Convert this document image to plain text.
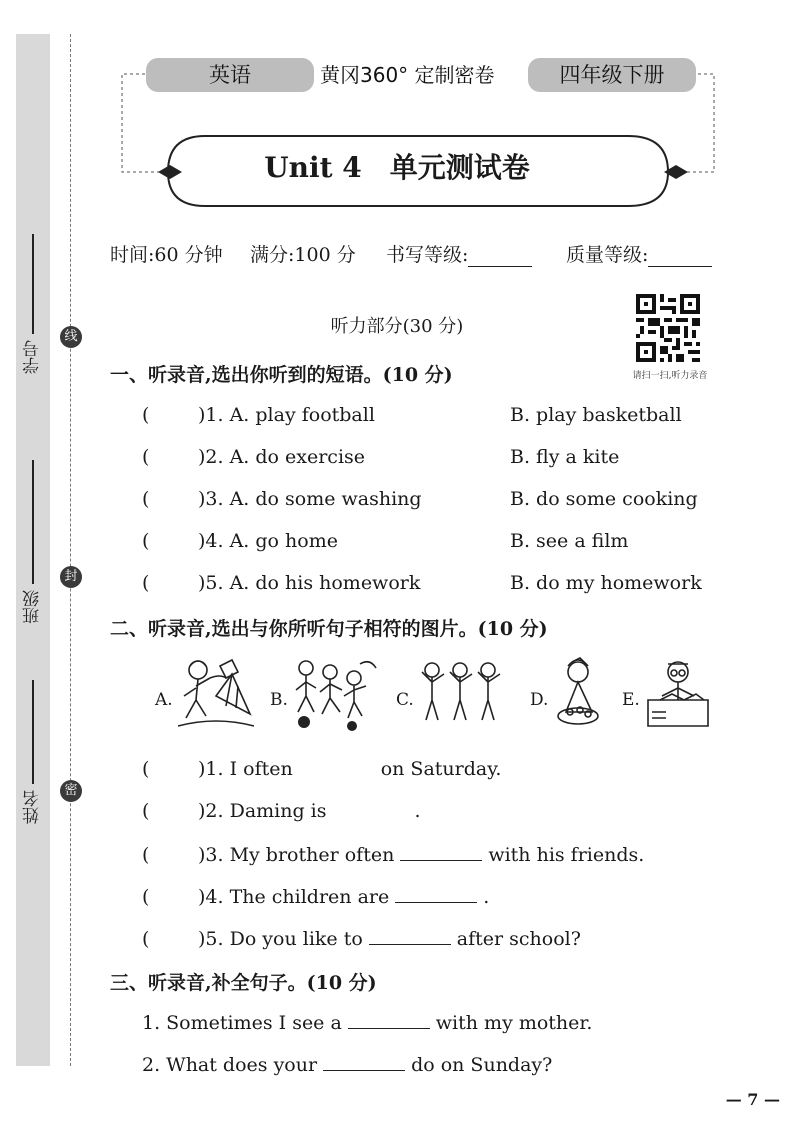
学号
班级
姓名
线
封
密
英语	黄冈360° 定制密卷	四年级下册
Unit 4　单元测试卷
时间:60 分钟 满分:100 分 书写等级:	质量等级:
听力部分(30 分)
请扫一扫,听力录音
一、听录音,选出你听到的短语。(10 分)
(	)1. A. play football	B. play basketball
(	)2. A. do exercise	B. fly a kite
(	)3. A. do some washing	B. do some cooking
(	)4. A. go home	B. see a film
(	)5. A. do his homework	B. do my homework
二、听录音,选出与你所听句子相符的图片。(10 分)
A.	B.	C.	D.	E.
(	)1. I often	on Saturday.
(	)2. Daming is	.
(	)3. My brother often	with his friends.
(	)4. The children are	.
(	)5. Do you like to	after school?
三、听录音,补全句子。(10 分)
1. Sometimes I see a	with my mother.
2. What does your	do on Sunday?
— 7 —
